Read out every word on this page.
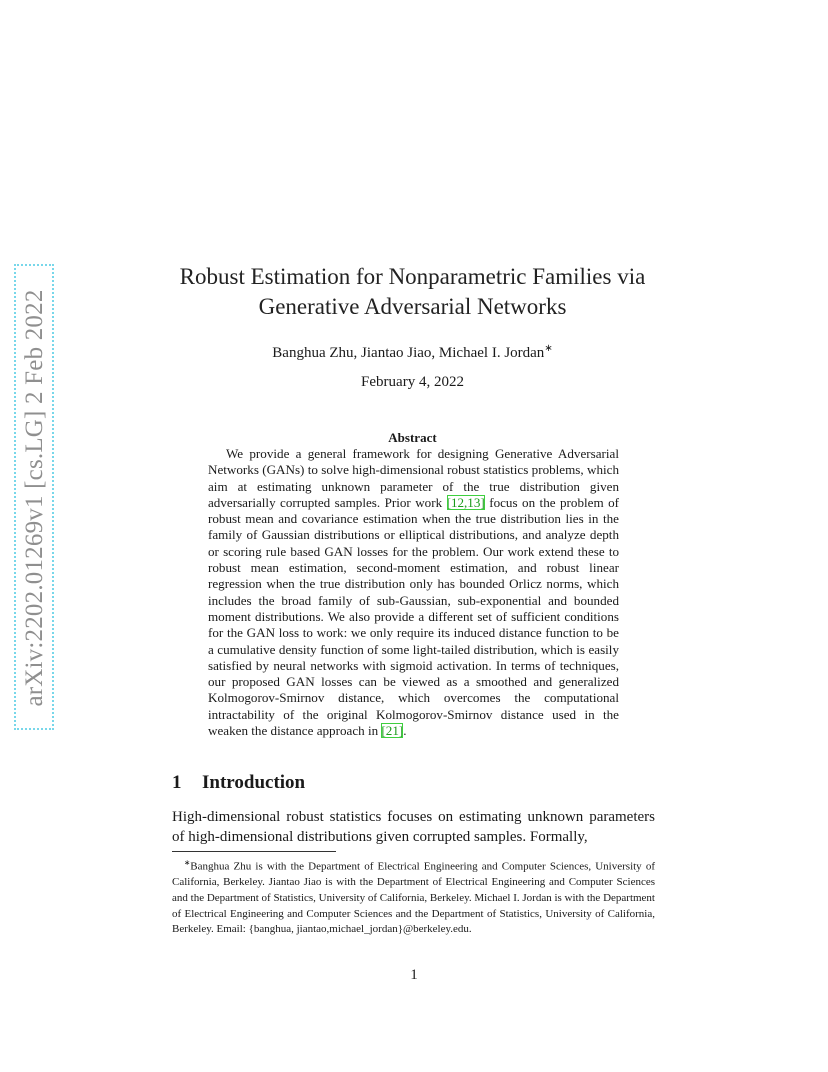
arXiv:2202.01269v1 [cs.LG] 2 Feb 2022
Robust Estimation for Nonparametric Families via
Generative Adversarial Networks
Banghua Zhu, Jiantao Jiao, Michael I. Jordan∗
February 4, 2022
Abstract
We provide a general framework for designing Generative Adversarial Networks (GANs) to solve high-dimensional robust statistics problems, which aim at estimating unknown parameter of the true distribution given adversarially corrupted samples. Prior work [12,13] focus on the problem of robust mean and covariance estimation when the true distribution lies in the family of Gaussian distributions or elliptical distributions, and analyze depth or scoring rule based GAN losses for the problem. Our work extend these to robust mean estimation, second-moment estimation, and robust linear regression when the true distribution only has bounded Orlicz norms, which includes the broad family of sub-Gaussian, sub-exponential and bounded moment distributions. We also provide a different set of sufficient conditions for the GAN loss to work: we only require its induced distance function to be a cumulative density function of some light-tailed distribution, which is easily satisfied by neural networks with sigmoid activation. In terms of techniques, our proposed GAN losses can be viewed as a smoothed and generalized Kolmogorov-Smirnov distance, which overcomes the computational intractability of the original Kolmogorov-Smirnov distance used in the weaken the distance approach in [21].
1 Introduction
High-dimensional robust statistics focuses on estimating unknown parameters of high-dimensional distributions given corrupted samples. Formally,
∗Banghua Zhu is with the Department of Electrical Engineering and Computer Sciences, University of California, Berkeley. Jiantao Jiao is with the Department of Electrical Engineering and Computer Sciences and the Department of Statistics, University of California, Berkeley. Michael I. Jordan is with the Department of Electrical Engineering and Computer Sciences and the Department of Statistics, University of California, Berkeley. Email: {banghua, jiantao,michael_jordan}@berkeley.edu.
1
